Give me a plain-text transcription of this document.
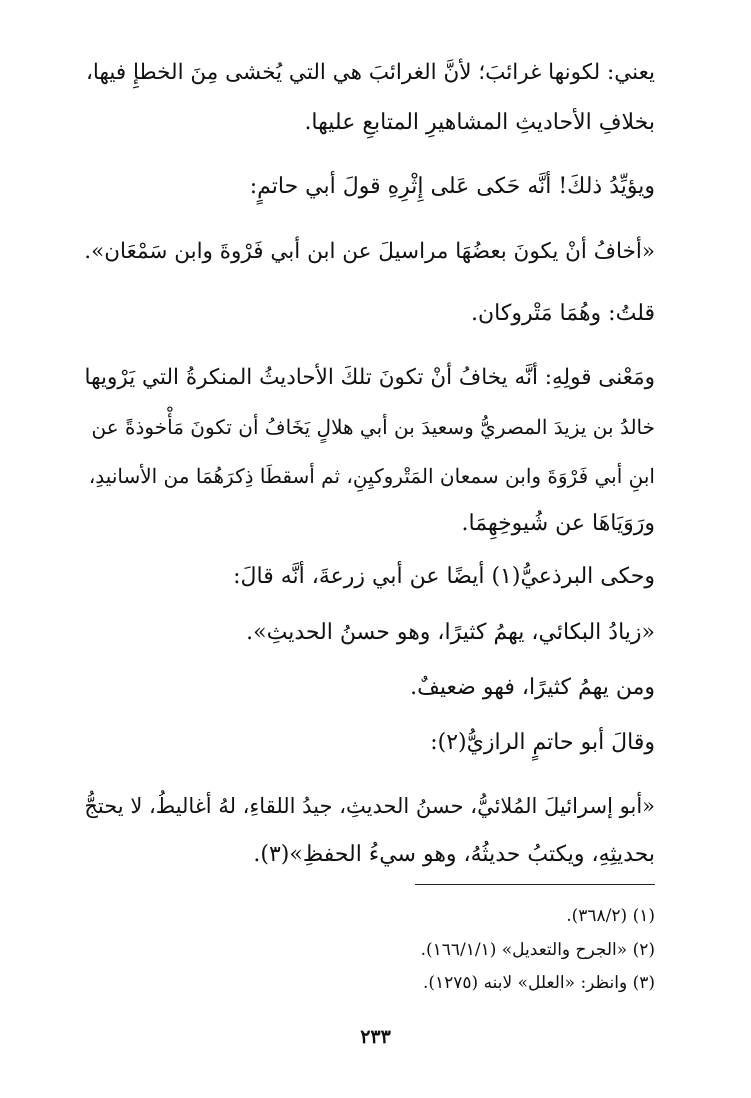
يعني: لكونها غرائبَ؛ لأنَّ الغرائبَ هي التي يُخشى مِنَ الخطإِ فيها،
بخلافِ الأحاديثِ المشاهيرِ المتابعِ عليها.
ويؤيِّدُ ذلكَ! أنَّه حَكى عَلى إِثْرِهِ قولَ أبي حاتمٍ:
«أخافُ أنْ يكونَ بعضُهَا مراسيلَ عن ابن أبي فَرْوةَ وابن سَمْعَان».
قلتُ: وهُمَا مَتْروكان.
ومَعْنى قولِهِ: أنَّه يخافُ أنْ تكونَ تلكَ الأحاديثُ المنكرةُ التي يَرْويها
خالدُ بن يزيدَ المصريُّ وسعيدَ بن أبي هلالٍ يَخَافُ أن تكونَ مَأْخوذةً عن
ابنِ أبي فَرْوَةَ وابن سمعان المَتْروكيِنِ، ثم أسقطَا ذِكرَهُمَا من الأسانيدِ،
ورَوَيَاهَا عن شُيوخِهِمَا.
وحكى البرذعيُّ(١) أيضًا عن أبي زرعةَ، أنَّه قالَ:
«زيادُ البكائي، يهمُ كثيرًا، وهو حسنُ الحديثِ».
ومن يهمُ كثيرًا، فهو ضعيفٌ.
وقالَ أبو حاتمٍ الرازيُّ(٢):
«أبو إسرائيلَ المُلائيُّ، حسنُ الحديثِ، جيدُ اللقاءِ، لهُ أغاليطُ، لا يحتجُّ
بحديثِهِ، ويكتبُ حديثُهُ، وهو سيءُ الحفظِ»(٣).
(١) (٣٦٨/٢).
(٢) «الجرح والتعديل» (١٦٦/١/١).
(٣) وانظر: «العلل» لابنه (١٢٧٥).
٢٣٣
